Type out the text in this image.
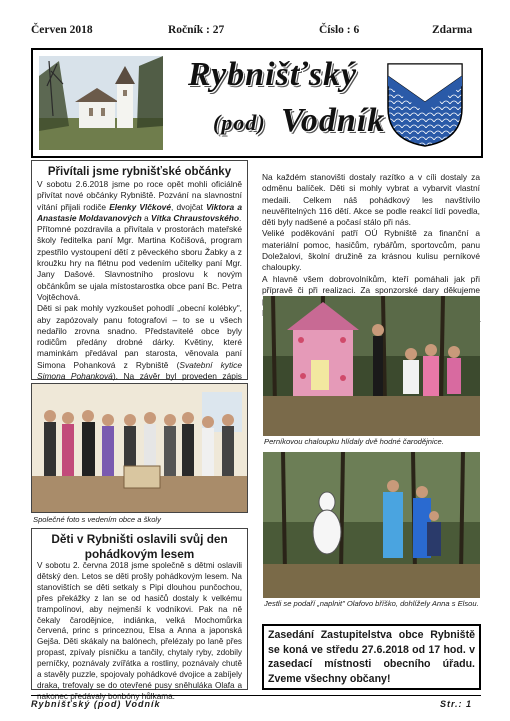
Červen 2018	Ročník : 27	Číslo : 6	Zdarma
Rybnišťský
(pod) Vodník
Přivítali jsme rybnišťské občánky

V sobotu 2.6.2018 jsme po roce opět mohli oficiálně přivítat nové občánky Rybniště. Pozvání na slavnostní vítání přijali rodiče Elenky Vlčkové, dvojčat Viktora a Anastasie Moldavanových a Vítka Chraustovského.

Přítomné pozdravila a přivítala v prostorách mateřské školy ředitelka paní Mgr. Martina Kočišová, program zpestřilo vystoupení dětí z pěveckého sboru Žabky a z kroužku hry na flétnu pod vedením učitelky paní Mgr. Jany Dašové. Slavnostního proslovu k novým občánkům se ujala místostarostka obce paní Bc. Petra Vojtěchová.

Děti si pak mohly vyzkoušet pohodlí „obecní kolébky", aby zapózovaly panu fotografovi – to se u všech nedařilo zrovna snadno. Představitelé obce byly rodičům předány drobné dárky. Květiny, které maminkám předával pan starosta, věnovala paní Simona Pohanková z Rybniště (Svatební kytice Simona Pohanková). Na závěr byl proveden zápis

Společné foto s vedením obce a školy
Děti v Rybništi oslavili svůj den pohádkovým lesem

V sobotu 2. června 2018 jsme společně s dětmi oslavili dětský den. Letos se děti prošly pohádkovým lesem. Na stanovištích se děti setkaly s Pipi dlouhou punčochou, přes překážky z lan se od hasičů dostaly k velkému trampolínovi, aby nejmenší k vodníkovi. Pak na ně čekaly čarodějnice, indiánka, velká Mochomůrka červená, princ s princeznou, Elsa a Anna a japonská Gejša. Děti skákaly na balónech, přelézaly po laně přes propast, zpívaly písničku a tančily, chytaly ryby, zdobily perníčky, poznávaly zvířátka a rostliny, poznávaly chutě a stavěly puzzle, spojovaly pohádkové dvojice a zabíjely draka, trefovaly se do otevřené pusy sněhuláka Olafa a nakonec předávaly bonbóny hůlkama.

Na každém stanovišti dostaly razítko a v cíli dostaly za odměnu balíček. Děti si mohly vybrat a vybarvit vlastní medaili. Celkem náš pohádkový les navštívilo neuvěřitelných 116 dětí. Akce se podle reakcí lidí povedla, děti byly nadšené a počasí stálo při nás.

Veliké poděkování patří OÚ Rybniště za finanční a materiální pomoc, hasičům, rybářům, sportovcům, panu Doležalovi, školní družině za krásnou kulisu perníkové chaloupky.

A hlavně všem dobrovolníkům, kteří pomáhali jak při přípravě či při realizaci. Za sponzorské dary děkujeme

Perníkovou chaloupku hlídaly dvě hodné čarodějnice.
Jestli se podaří „naplnit" Olafovo bříško, dohlížely Anna s Elsou.
Zasedání Zastupitelstva obce Rybniště se koná ve středu 27.6.2018 od 17 hod. v zasedací místnosti obecního úřadu. Zveme všechny občany!
Rybnišťský (pod) Vodník	Str.: 1
